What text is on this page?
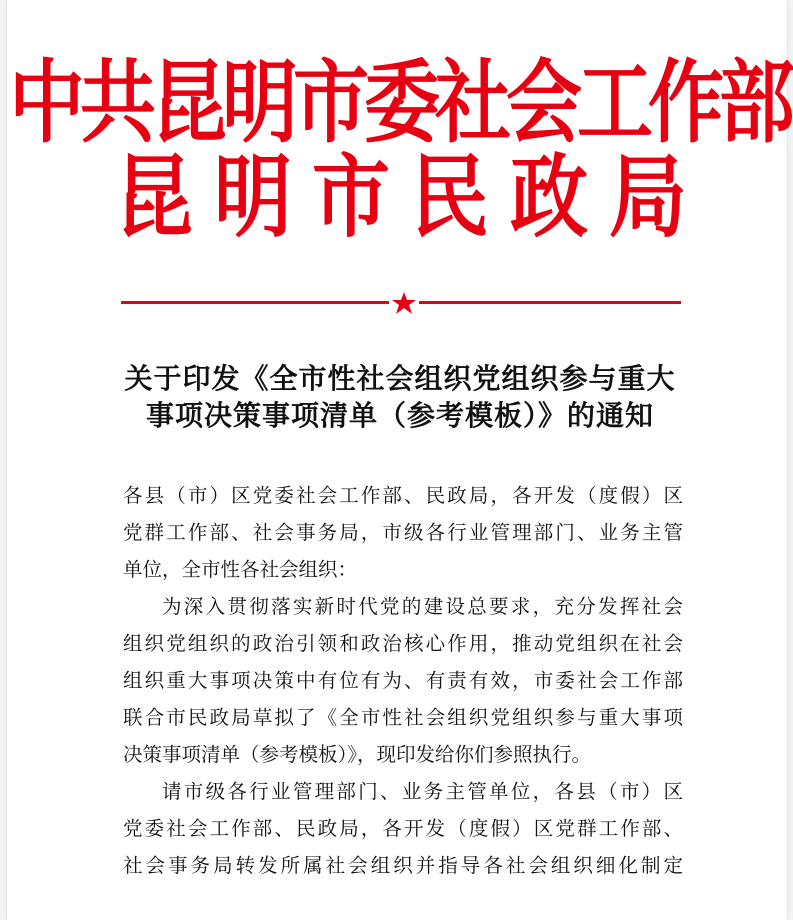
中共昆明市委社会工作部
昆 明 市 民 政 局
关于印发《全市性社会组织党组织参与重大
事项决策事项清单（参考模板）》的通知
各县（市）区党委社会工作部、民政局，各开发（度假）区
党群工作部、社会事务局，市级各行业管理部门、业务主管
单位，全市性各社会组织：
为深入贯彻落实新时代党的建设总要求，充分发挥社会
组织党组织的政治引领和政治核心作用，推动党组织在社会
组织重大事项决策中有位有为、有责有效，市委社会工作部
联合市民政局草拟了《全市性社会组织党组织参与重大事项
决策事项清单（参考模板）》，现印发给你们参照执行。
请市级各行业管理部门、业务主管单位，各县（市）区
党委社会工作部、民政局，各开发（度假）区党群工作部、
社会事务局转发所属社会组织并指导各社会组织细化制定
